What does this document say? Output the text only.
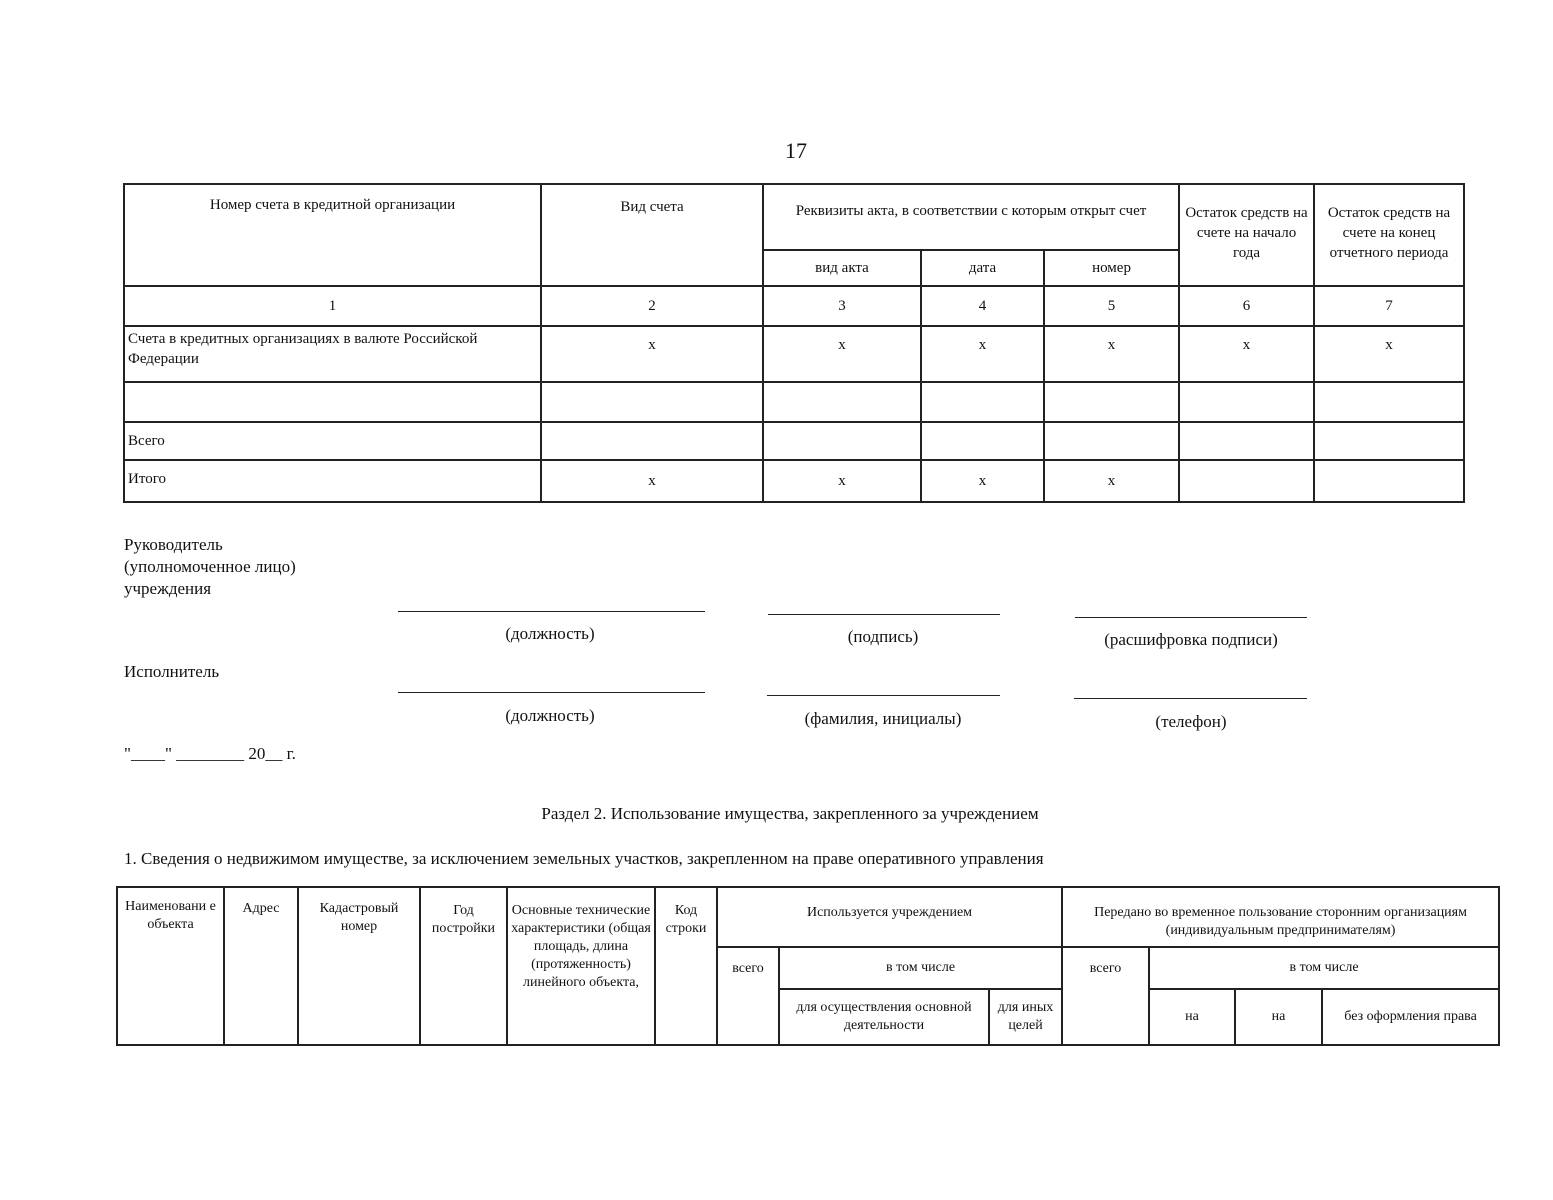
17
Номер счета в кредитной организации	Вид счета	Реквизиты акта, в соответствии с которым открыт счет			Остаток средств на счете на начало года	Остаток средств на счете на конец отчетного периода
		вид акта	дата	номер		
1	2	3	4	5	6	7
Счета в кредитных организациях в валюте Российской Федерации	x	x	x	x	x	x

Всего						
Итого	x	x	x	x		
Руководитель
(уполномоченное лицо)
учреждения
(должность)	(подпись)	(расшифровка подписи)
Исполнитель
(должность)	(фамилия, инициалы)	(телефон)
"____" ________ 20__ г.
Раздел 2. Использование имущества, закрепленного за учреждением
1. Сведения о недвижимом имуществе, за исключением земельных участков, закрепленном на праве оперативного управления
Наименовани е объекта	Адрес	Кадастровый номер	Год постройки	Основные технические характеристики (общая площадь, длина (протяженность) линейного объекта,	Код строки	Используется учреждением			Передано во временное пользование сторонним организациям (индивидуальным предпринимателям)			
						всего	в том числе		всего	в том числе		
							для осуществления основной деятельности	для иных целей		на	на	без оформления права
